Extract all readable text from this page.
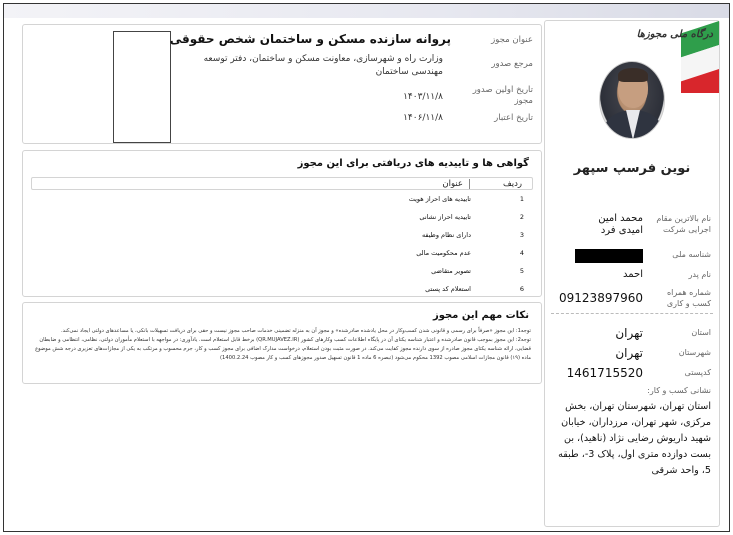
پروانه سازنده مسکن و ساختمان شخص حقوقی	عنوان مجوز
مرجع صدور
وزارت راه و شهرسازی، معاونت مسکن و ساختمان، دفتر توسعه مهندسی ساختمان
تاریخ اولین صدور مجوز
۱۴۰۳/۱۱/۸
تاریخ اعتبار
۱۴۰۶/۱۱/۸
گواهی ها و تاییدیه های دریافتی برای این مجوز
ردیف
عنوان
1
تاییدیه های احراز هویت
2
تاییدیه احراز نشانی
3
دارای نظام وظیفه
4
عدم محکومیت مالی
5
تصویر متقاضی
6
استعلام کد پستی
نکات مهم این مجوز
توجه1: این مجوز «صرفاً برای رسمی و قانونی شدن کسب‌وکار در محل یادشده صادرشده» و مجوز آن به منزله تضمینی خدمات صاحب مجوز نیست و حقی برای دریافت تسهیلات بانکی، یا مساعدهای دولتی ایجاد نمی‌کند.
توجه2: این مجوز بموجب قانون صادرشده و اعتبار شناسه یکتای آن در پایگاه اطلاعات کسب وکارهای کشور (QR.MUJAVEZ.IR) برخط قابل استعلام است. یادآوری: در مواجهه با استعلام مأموران دولتی، نظامی، انتظامی و ضابطان قضایی، ارائه شناسه یکتای مجوز صادره از سوی دارنده مجوز کفایت می‌کند. در صورت مثبت بودن استعلام، درخواست مدارک اضافی برای مجوز کسب و کار، جرم محسوب و مرتکب به یکی از مجازات‌های تعزیری درجه شش موضوع ماده (۱۹) قانون مجازات اسلامی مصوب 1392 محکوم می‌شود (تبصره 6 ماده 1 قانون تسهیل صدور مجوزهای کسب و کار مصوب 1400.2.24)
درگاه ملی مجوزها
نوین فرسپ سپهر
نام بالاترین مقام اجرایی شرکت
محمد امین امیدی فرد
شناسه ملی
نام پدر
احمد
شماره همراه کسب و کاری
09123897960
استان
تهران
شهرستان
تهران
کدپستی
1461715520
نشانی کسب و کار:
استان تهران، شهرستان تهران، بخش مرکزی، شهر تهران، مرزداران، خیابان شهید داریوش رضایی نژاد (ناهید)، بن بست دوازده متری اول، پلاک ‎-3، طبقه 5، واحد شرقی
